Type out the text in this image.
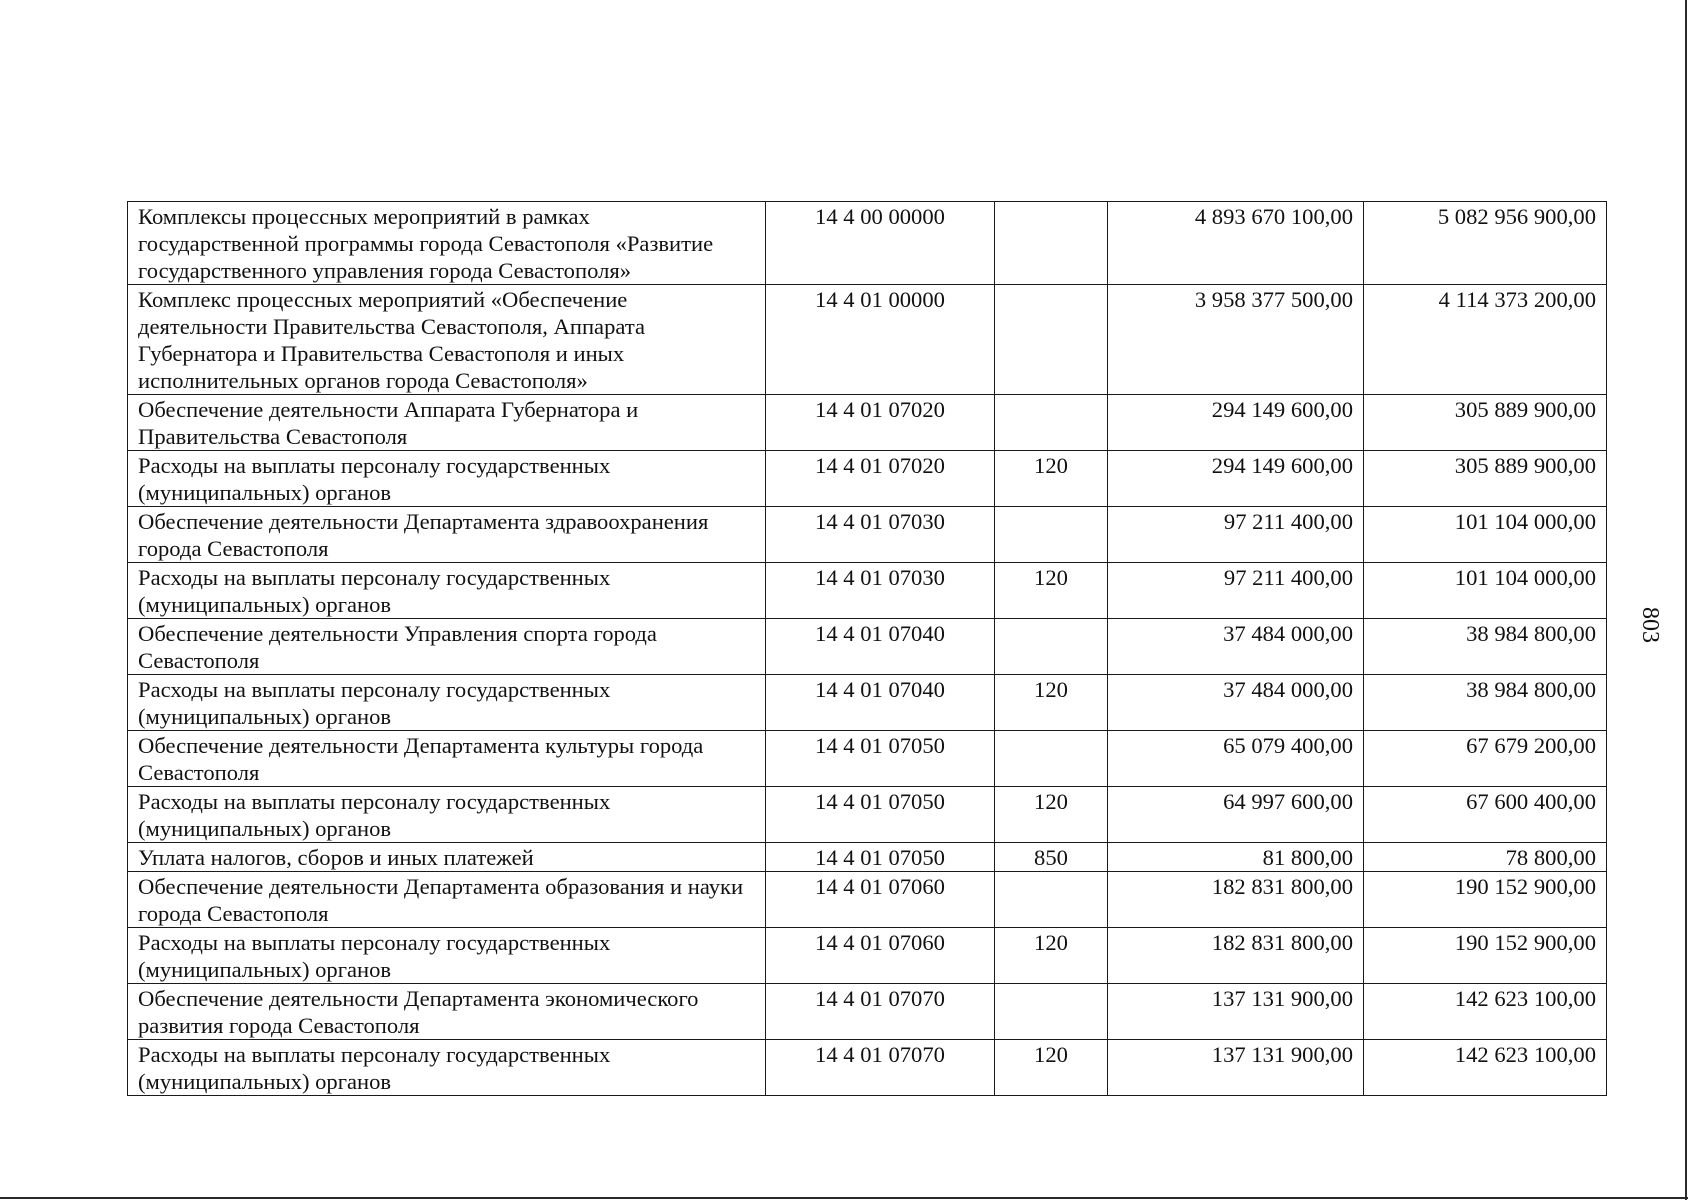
Комплексы процессных мероприятий в рамках государственной программы города Севастополя «Развитие государственного управления города Севастополя»	14 4 00 00000		4 893 670 100,00	5 082 956 900,00
Комплекс процессных мероприятий «Обеспечение деятельности Правительства Севастополя, Аппарата Губернатора и Правительства Севастополя и иных исполнительных органов города Севастополя»	14 4 01 00000		3 958 377 500,00	4 114 373 200,00
Обеспечение деятельности Аппарата Губернатора и Правительства Севастополя	14 4 01 07020		294 149 600,00	305 889 900,00
Расходы на выплаты персоналу государственных (муниципальных) органов	14 4 01 07020	120	294 149 600,00	305 889 900,00
Обеспечение деятельности Департамента здравоохранения города Севастополя	14 4 01 07030		97 211 400,00	101 104 000,00
Расходы на выплаты персоналу государственных (муниципальных) органов	14 4 01 07030	120	97 211 400,00	101 104 000,00
Обеспечение деятельности Управления спорта города Севастополя	14 4 01 07040		37 484 000,00	38 984 800,00
Расходы на выплаты персоналу государственных (муниципальных) органов	14 4 01 07040	120	37 484 000,00	38 984 800,00
Обеспечение деятельности Департамента культуры города Севастополя	14 4 01 07050		65 079 400,00	67 679 200,00
Расходы на выплаты персоналу государственных (муниципальных) органов	14 4 01 07050	120	64 997 600,00	67 600 400,00
Уплата налогов, сборов и иных платежей	14 4 01 07050	850	81 800,00	78 800,00
Обеспечение деятельности Департамента образования и науки города Севастополя	14 4 01 07060		182 831 800,00	190 152 900,00
Расходы на выплаты персоналу государственных (муниципальных) органов	14 4 01 07060	120	182 831 800,00	190 152 900,00
Обеспечение деятельности Департамента экономического развития города Севастополя	14 4 01 07070		137 131 900,00	142 623 100,00
Расходы на выплаты персоналу государственных (муниципальных) органов	14 4 01 07070	120	137 131 900,00	142 623 100,00
803
